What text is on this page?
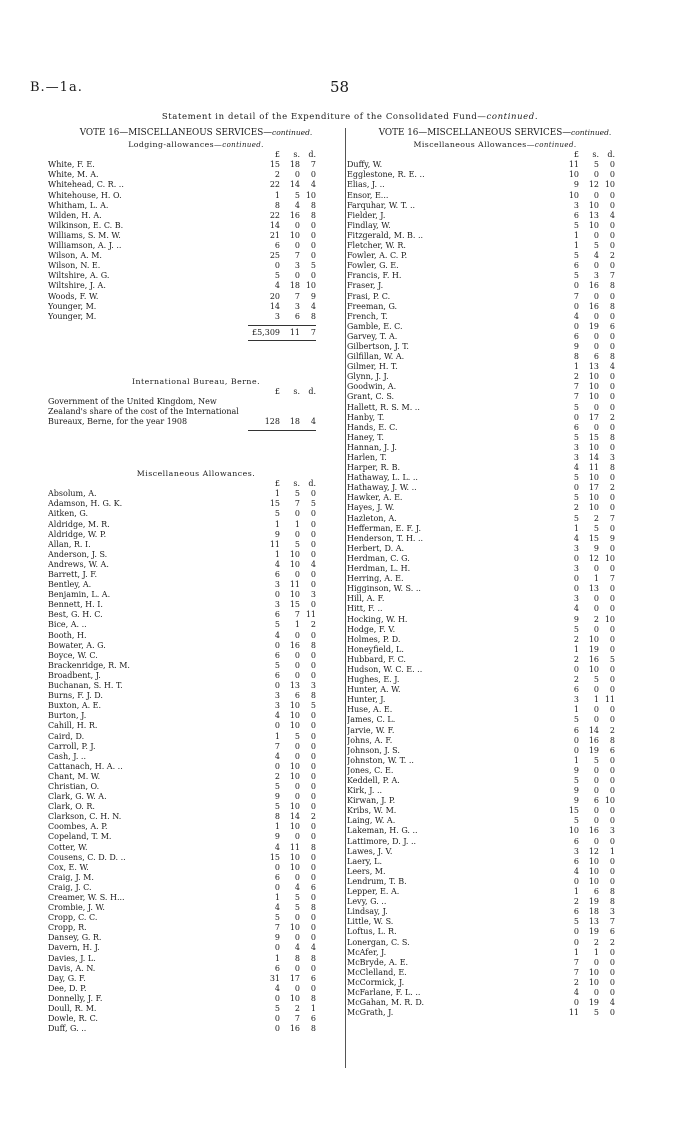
B.—1a.	58
Statement in detail of the Expenditure of the Consolidated Fund—continued.
VOTE 16—MISCELLANEOUS SERVICES—continued.
Lodging-allowances—continued.
£	s.	d.
White, F. E.	15	18	7
White, M. A.	2	0	0
Whitehead, C. R. ..	22	14	4
Whitehouse, H. O.	1	5 10
Whitham, L. A.	8	4	8
Wilden, H. A.	22	16	8
Wilkinson, E. C. B.	14	0	0
Williams, S. M. W.	21	10	0
Williamson, A. J. ..	6	0	0
Wilson, A. M.	25	7	0
Wilson, N. E.	0	3	5
Wiltshire, A. G.	5	0	0
Wiltshire, J. A.	4	18 10
Woods, F. W.	20	7	9
Younger, M.	14	3	4
Younger, M.	3	6	8
£5,309	11	7
International Bureau, Berne.
£	s.	d.
Government of the United Kingdom, New Zealand's share of the cost of the International Bureaux, Berne, for the year 1908	128	18	4
Miscellaneous Allowances.
£	s.	d.
Absolum, A.	1	5	0
Adamson, H. G. K.	15	7	5
Aitken, G.	5	0	0
Aldridge, M. R.	1	1	0
Aldridge, W. P.	9	0	0
Allan, R. I.	11	5	0
Anderson, J. S.	1	10	0
Andrews, W. A.	4	10	4
Barrett, J. F.	6	0	0
Bentley, A.	3	11	0
Benjamin, L. A.	0	10	3
Bennett, H. I.	3	15	0
Best, G. H. C.	6	7 11
Bice, A. ..	5	1	2
Booth, H.	4	0	0
Bowater, A. G.	0	16	8
Boyce, W. C.	6	0	0
Brackenridge, R. M.	5	0	0
Broadbent, J.	6	0	0
Buchanan, S. H. T.	0	13	3
Burns, F. J. D.	3	6	8
Buxton, A. E.	3	10	5
Burton, J.	4	10	0
Cahill, H. R.	0	10	0
Caird, D.	1	5	0
Carroll, P. J.	7	0	0
Cash, J. ..	4	0	0
Cattanach, H. A. ..	0	10	0
Chant, M. W.	2	10	0
Christian, O.	5	0	0
Clark, G. W. A.	9	0	0
Clark, O. R.	5	10	0
Clarkson, C. H. N.	8	14	2
Coombes, A. P.	1	10	0
Copeland, T. M.	9	0	0
Cotter, W.	4	11	8
Cousens, C. D. D. ..	15	10	0
Cox, E. W.	0	10	0
Craig, J. M.	6	0	0
Craig, J. C.	0	4	6
Creamer, W. S. H...	1	5	0
Crombie, J. W.	4	5	8
Cropp, C. C.	5	0	0
Cropp, R.	7	10	0
Dansey, G. R.	9	0	0
Davern, H. J.	0	4	4
Davies, J. L.	1	8	8
Davis, A. N.	6	0	0
Day, G. F.	31	17	6
Dee, D. P.	4	0	0
Donnelly, J. F.	0	10	8
Doull, R. M.	5	2	1
Dowle, R. C.	0	7	6
Duff, G. ..	0	16	8
VOTE 16—MISCELLANEOUS SERVICES—continued.
Miscellaneous Allowances—continued.
£	s.	d.
Duffy, W.	11	5	0
Egglestone, R. E. ..	10	0	0
Elias, J. ..	9	12 10
Ensor, E...	10	0	0
Farquhar, W. T. ..	3	10	0
Fielder, J.	6	13	4
Findlay, W.	5	10	0
Fitzgerald, M. B. ..	1	0	0
Fletcher, W. R.	1	5	0
Fowler, A. C. P.	5	4	2
Fowler, G. E.	6	0	0
Francis, F. H.	5	3	7
Fraser, J.	0	16	8
Frasi, P. C.	7	0	0
Freeman, G.	0	16	8
French, T.	4	0	0
Gamble, E. C.	0	19	6
Garvey, T. A.	6	0	0
Gilbertson, J. T.	9	0	0
Gilfillan, W. A.	8	6	8
Gilmer, H. T.	1	13	4
Glynn, J. J.	2	10	0
Goodwin, A.	7	10	0
Grant, C. S.	7	10	0
Hallett, R. S. M. ..	5	0	0
Hanby, T.	0	17	2
Hands, E. C.	6	0	0
Haney, T.	5	15	8
Hannan, J. J.	3	10	0
Harlen, T.	3	14	3
Harper, R. B.	4	11	8
Hathaway, L. L. ..	5	10	0
Hathaway, J. W. ..	0	17	2
Hawker, A. E.	5	10	0
Hayes, J. W.	2	10	0
Hazleton, A.	5	2	7
Hefferman, E. F. J.	1	5	0
Henderson, T. H. ..	4	15	9
Herbert, D. A.	3	9	0
Herdman, C. G.	0	12 10
Herdman, L. H.	3	0	0
Herring, A. E.	0	1	7
Higginson, W. S. ..	0	13	0
Hill, A. F.	3	0	0
Hitt, F. ..	4	0	0
Hocking, W. H.	9	2 10
Hodge, F. V.	5	0	0
Holmes, P. D.	2	10	0
Honeyfield, L.	1	19	0
Hubbard, F. C.	2	16	5
Hudson, W. C. E. ..	0	10	0
Hughes, E. J.	2	5	0
Hunter, A. W.	6	0	0
Hunter, J.	3	1 11
Huse, A. E.	1	0	0
James, C. L.	5	0	0
Jarvie, W. F.	6	14	2
Johns, A. F.	0	16	8
Johnson, J. S.	0	19	6
Johnston, W. T. ..	1	5	0
Jones, C. E.	9	0	0
Keddell, P. A.	5	0	0
Kirk, J. ..	9	0	0
Kirwan, J. P.	9	6 10
Kribs, W. M.	15	0	0
Laing, W. A.	5	0	0
Lakeman, H. G. ..	10	16	3
Lattimore, D. J. ..	6	0	0
Lawes, J. V.	3	12	1
Laery, L.	6	10	0
Leers, M.	4	10	0
Lendrum, T. B.	0	10	0
Lepper, E. A.	1	6	8
Levy, G. ..	2	19	8
Lindsay, J.	6	18	3
Little, W. S.	5	13	7
Loftus, L. R.	0	19	6
Lonergan, C. S.	0	2	2
McAfer, J.	1	1	0
McBryde, A. E.	7	0	0
McClelland, E.	7	10	0
McCormick, J.	2	10	0
McFarlane, F. L. ..	4	0	0
McGahan, M. R. D.	0	19	4
McGrath, J.	11	5	0
